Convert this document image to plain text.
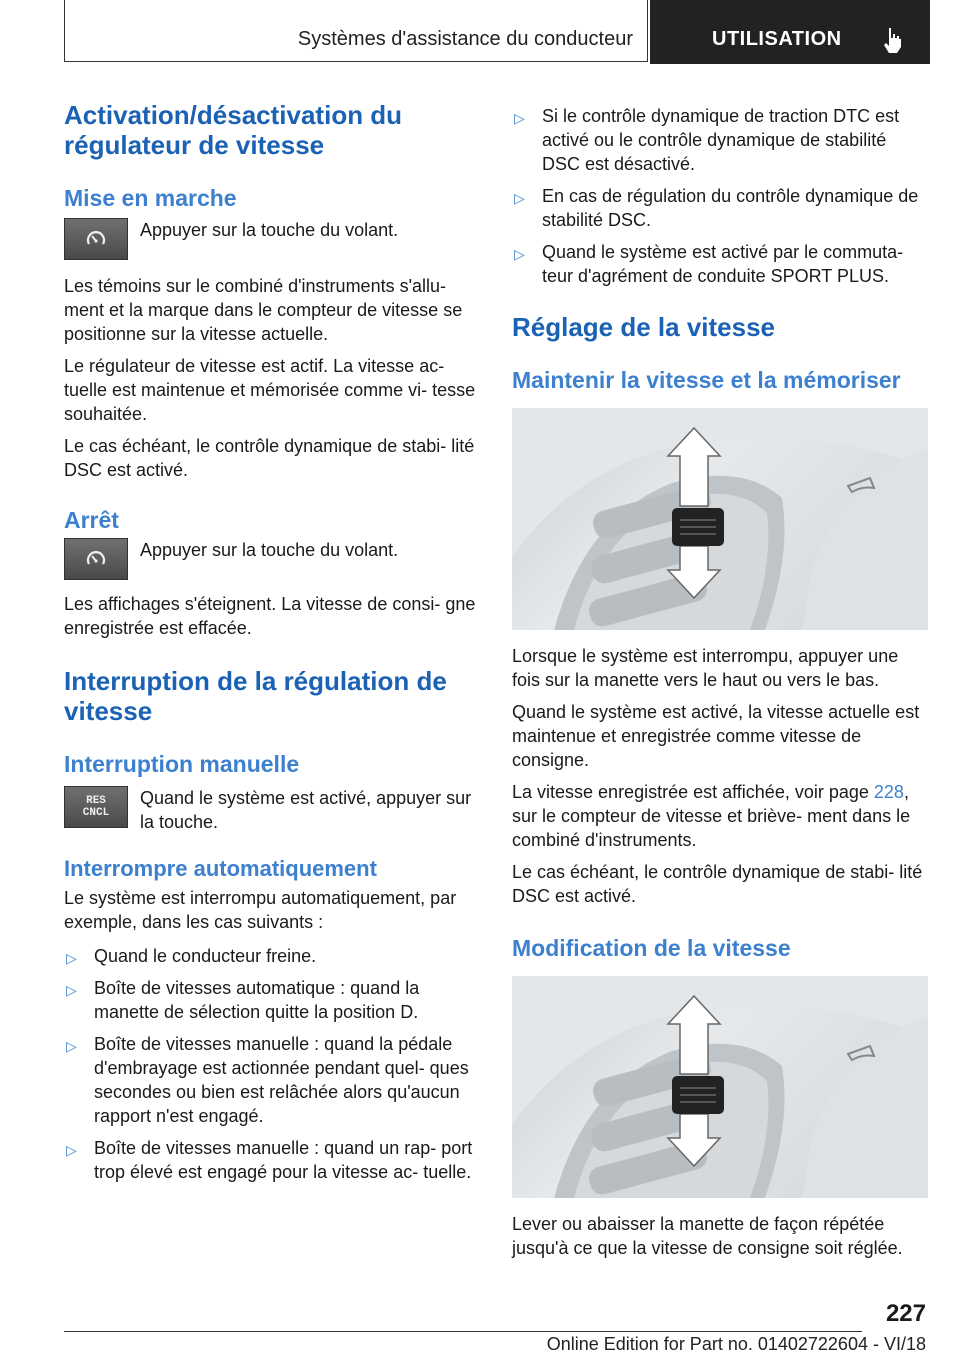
Systèmes d'assistance du conducteur	UTILISATION
Activation/désactivation du régulateur de vitesse
Mise en marche
Appuyer sur la touche du volant.

Les témoins sur le combiné d'instruments s'allu- ment et la marque dans le compteur de vitesse se positionne sur la vitesse actuelle.

Le régulateur de vitesse est actif. La vitesse ac- tuelle est maintenue et mémorisée comme vi- tesse souhaitée.

Le cas échéant, le contrôle dynamique de stabi- lité DSC est activé.

Arrêt
Appuyer sur la touche du volant.

Les affichages s'éteignent. La vitesse de consi- gne enregistrée est effacée.

Interruption de la régulation de vitesse
Interruption manuelle
RES
CNCL
Quand le système est activé, appuyer sur la touche.
Interrompre automatiquement

Le système est interrompu automatiquement, par exemple, dans les cas suivants :

▷ Quand le conducteur freine.
▷ Boîte de vitesses automatique : quand la manette de sélection quitte la position D.
▷ Boîte de vitesses manuelle : quand la pédale d'embrayage est actionnée pendant quel- ques secondes ou bien est relâchée alors qu'aucun rapport n'est engagé.
▷ Boîte de vitesses manuelle : quand un rap- port trop élevé est engagé pour la vitesse ac- tuelle.
▷ Si le contrôle dynamique de traction DTC est activé ou le contrôle dynamique de stabilité DSC est désactivé.
▷ En cas de régulation du contrôle dynamique de stabilité DSC.
▷ Quand le système est activé par le commuta- teur d'agrément de conduite SPORT PLUS.
Réglage de la vitesse
Maintenir la vitesse et la mémoriser

Lorsque le système est interrompu, appuyer une fois sur la manette vers le haut ou vers le bas.

Quand le système est activé, la vitesse actuelle est maintenue et enregistrée comme vitesse de consigne.

La vitesse enregistrée est affichée, voir page 228, sur le compteur de vitesse et briève- ment dans le combiné d'instruments.

Le cas échéant, le contrôle dynamique de stabi- lité DSC est activé.

Modification de la vitesse

Lever ou abaisser la manette de façon répétée jusqu'à ce que la vitesse de consigne soit réglée.

227
Online Edition for Part no. 01402722604 - VI/18
